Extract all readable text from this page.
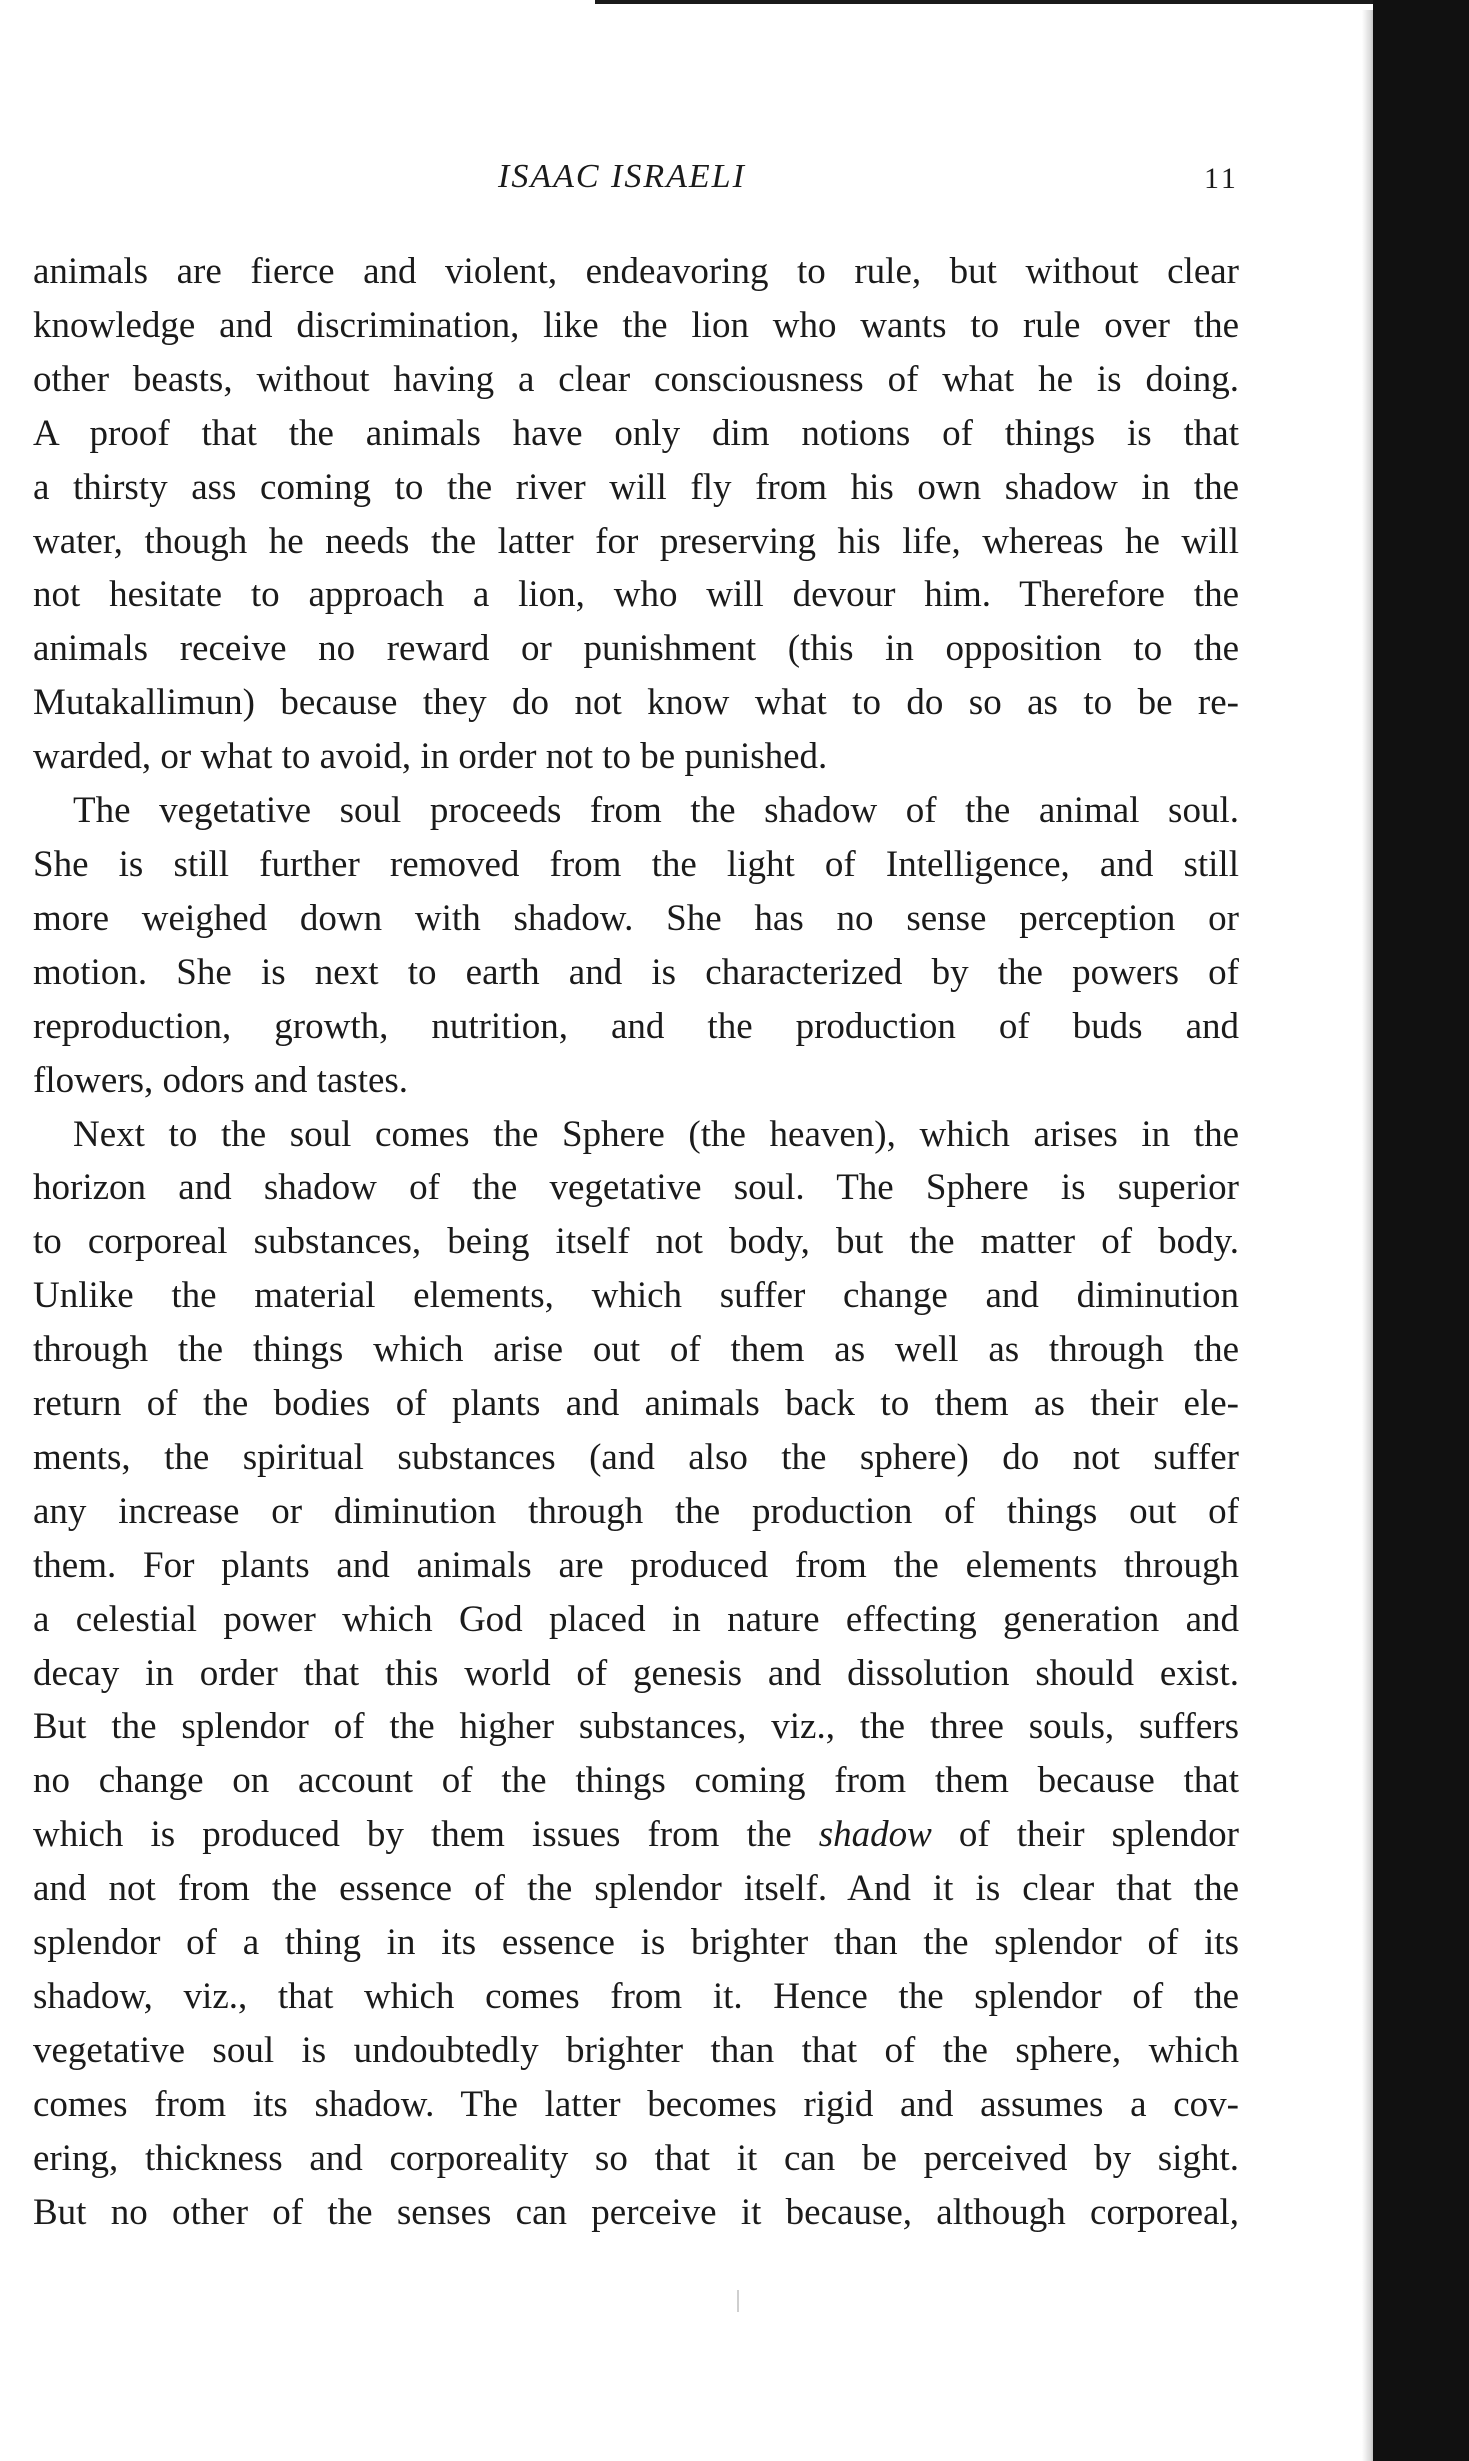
ISAAC ISRAELI	11
animals are fierce and violent, endeavoring to rule, but without clear
knowledge and discrimination, like the lion who wants to rule over the
other beasts, without having a clear consciousness of what he is doing.
A proof that the animals have only dim notions of things is that
a thirsty ass coming to the river will fly from his own shadow in the
water, though he needs the latter for preserving his life, whereas he will
not hesitate to approach a lion, who will devour him. Therefore the
animals receive no reward or punishment (this in opposition to the
Mutakallimun) because they do not know what to do so as to be re-
warded, or what to avoid, in order not to be punished.
The vegetative soul proceeds from the shadow of the animal soul.
She is still further removed from the light of Intelligence, and still
more weighed down with shadow. She has no sense perception or
motion. She is next to earth and is characterized by the powers of
reproduction, growth, nutrition, and the production of buds and
flowers, odors and tastes.
Next to the soul comes the Sphere (the heaven), which arises in the
horizon and shadow of the vegetative soul. The Sphere is superior
to corporeal substances, being itself not body, but the matter of body.
Unlike the material elements, which suffer change and diminution
through the things which arise out of them as well as through the
return of the bodies of plants and animals back to them as their ele-
ments, the spiritual substances (and also the sphere) do not suffer
any increase or diminution through the production of things out of
them. For plants and animals are produced from the elements through
a celestial power which God placed in nature effecting generation and
decay in order that this world of genesis and dissolution should exist.
But the splendor of the higher substances, viz., the three souls, suffers
no change on account of the things coming from them because that
which is produced by them issues from the shadow of their splendor
and not from the essence of the splendor itself. And it is clear that the
splendor of a thing in its essence is brighter than the splendor of its
shadow, viz., that which comes from it. Hence the splendor of the
vegetative soul is undoubtedly brighter than that of the sphere, which
comes from its shadow. The latter becomes rigid and assumes a cov-
ering, thickness and corporeality so that it can be perceived by sight.
But no other of the senses can perceive it because, although corporeal,
